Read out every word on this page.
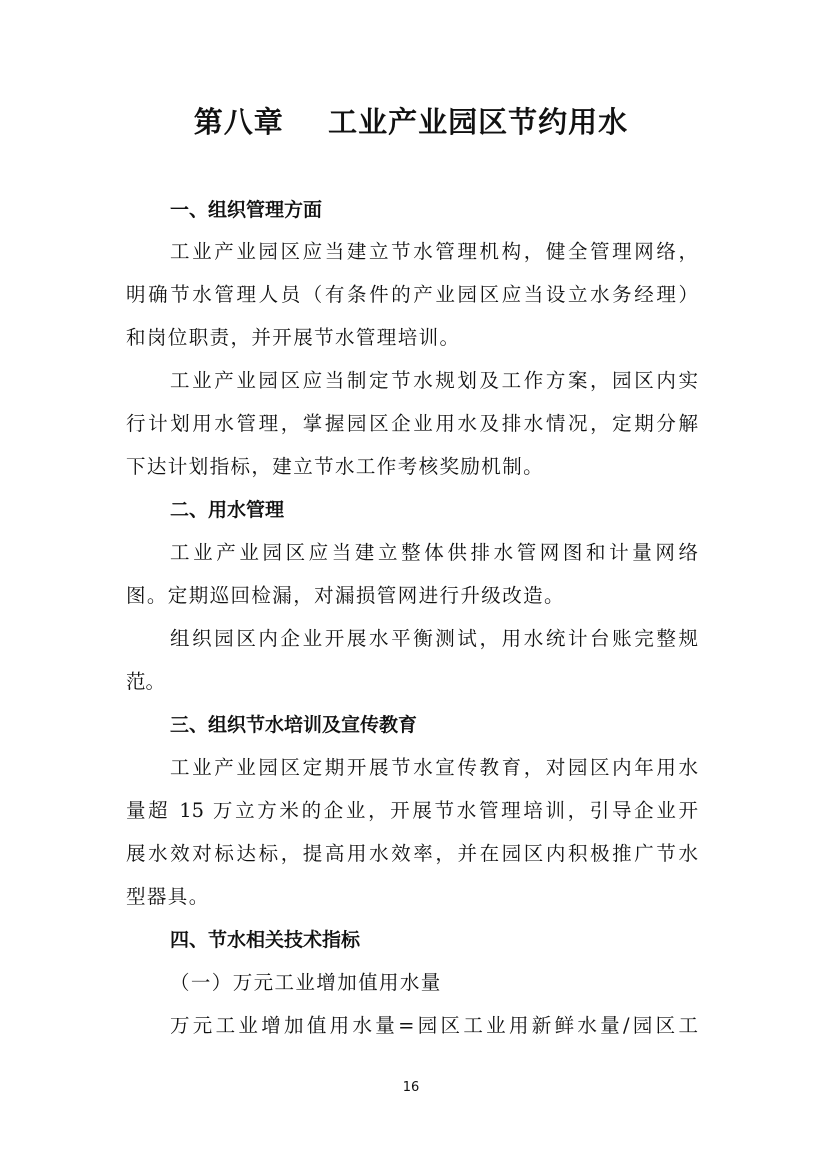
第八章    工业产业园区节约用水
一、组织管理方面
工业产业园区应当建立节水管理机构，健全管理网络，
明确节水管理人员（有条件的产业园区应当设立水务经理）
和岗位职责，并开展节水管理培训。
工业产业园区应当制定节水规划及工作方案，园区内实
行计划用水管理，掌握园区企业用水及排水情况，定期分解
下达计划指标，建立节水工作考核奖励机制。
二、用水管理
工业产业园区应当建立整体供排水管网图和计量网络
图。定期巡回检漏，对漏损管网进行升级改造。
组织园区内企业开展水平衡测试，用水统计台账完整规
范。
三、组织节水培训及宣传教育
工业产业园区定期开展节水宣传教育，对园区内年用水
量超 15 万立方米的企业，开展节水管理培训，引导企业开
展水效对标达标，提高用水效率，并在园区内积极推广节水
型器具。
四、节水相关技术指标
（一）万元工业增加值用水量
万元工业增加值用水量=园区工业用新鲜水量/园区工
16
